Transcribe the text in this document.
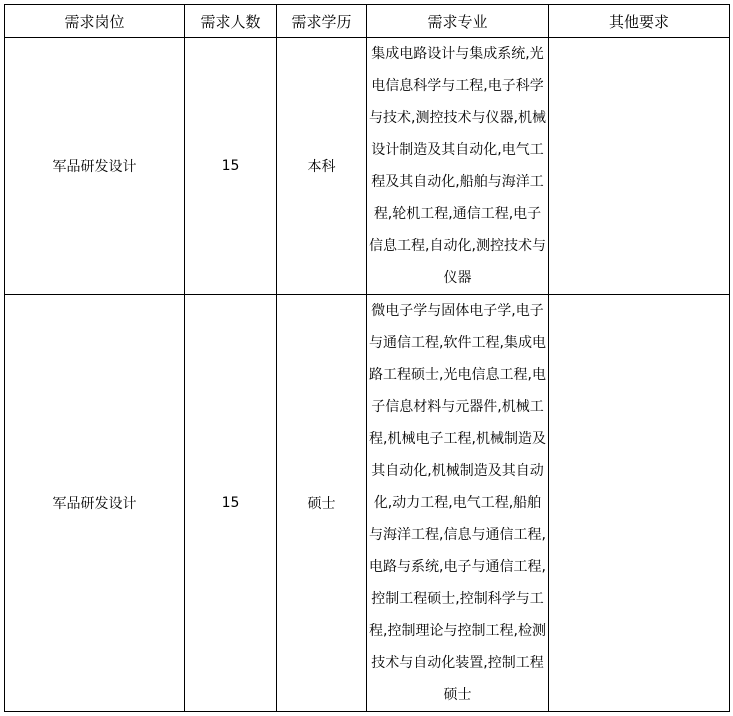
需求岗位	需求人数	需求学历	需求专业	其他要求
军品研发设计	15	本科	集成电路设计与集成系统,光电信息科学与工程,电子科学与技术,测控技术与仪器,机械设计制造及其自动化,电气工程及其自动化,船舶与海洋工程,轮机工程,通信工程,电子信息工程,自动化,测控技术与仪器	
军品研发设计	15	硕士	微电子学与固体电子学,电子与通信工程,软件工程,集成电路工程硕士,光电信息工程,电子信息材料与元器件,机械工程,机械电子工程,机械制造及其自动化,机械制造及其自动化,动力工程,电气工程,船舶与海洋工程,信息与通信工程,电路与系统,电子与通信工程,控制工程硕士,控制科学与工程,控制理论与控制工程,检测技术与自动化装置,控制工程硕士	
